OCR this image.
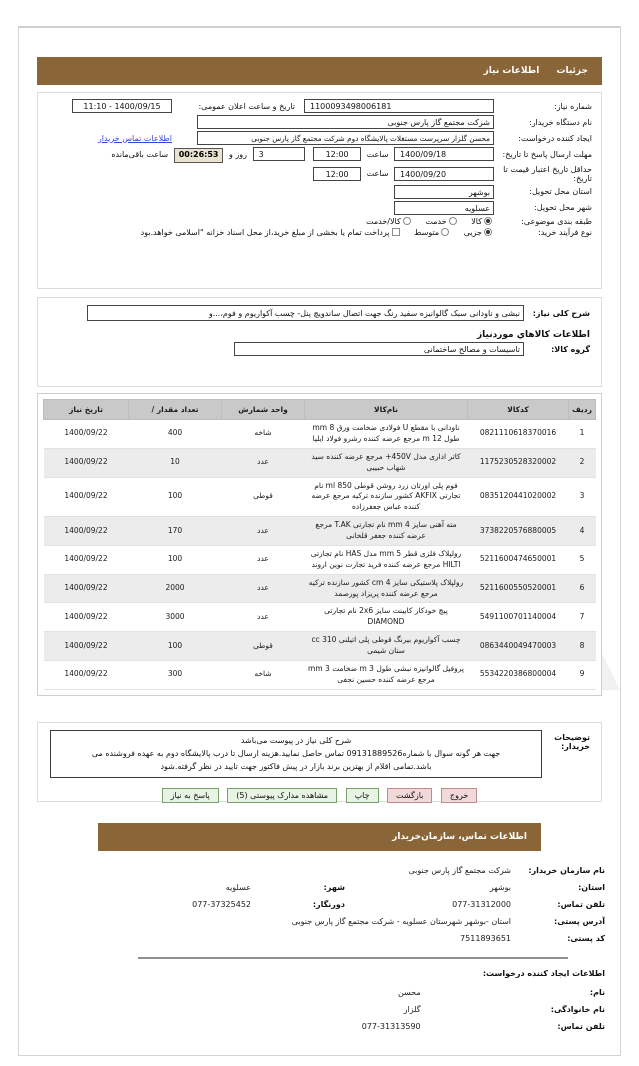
جزئیات اطلاعات نیاز
شماره نیاز:	1100093498006181	تاریخ و ساعت اعلان عمومی:	1400/09/15 - 11:10
نام دستگاه خریدار:	شرکت مجتمع گاز پارس جنوبی		
ایجاد کننده درخواست:	محسن گلزار سرپرست مستغلات پالایشگاه دوم شرکت مجتمع گاز پارس جنوبی		اطلاعات تماس خریدار
مهلت ارسال پاسخ تا تاریخ:	1400/09/18 ساعت 12:00 3 روز و 00:26:53 ساعت باقی‌مانده		
حداقل تاریخ اعتبار قیمت تا تاریخ:	1400/09/20 ساعت 12:00		
استان محل تحویل:	بوشهر		
شهر محل تحویل:	عسلویه		
طبقه بندی موضوعی:	کالا خدمت کالا/خدمت		
نوع فرآیند خرید:	جزیی متوسط پرداخت تمام یا بخشی از مبلغ خرید،از محل اسناد خزانه "اسلامی خواهد.بود		
شرح کلی نیاز:	نبشی و ناودانی سبک گالوانیزه سفید رنگ جهت اتصال ساندویچ پنل- چسب آکواریوم و فوم،...و
اطلاعات کالاهاي موردنیاز	
گروه کالا:	تاسیسات و مصالح ساختمانی
ردیف	کدکالا	نام‌کالا	واحد شمارش	تعداد مقدار /	تاریخ نیاز
1	0821110618370016	ناودانی با مقطع U فولادی ضخامت ورق 8 mm طول 12 m مرجع عرضه کننده رشرو فولاد ایلیا	شاخه	400	1400/09/22
2	1175230528320002	کاتر اداری مدل 450V+ مرجع عرضه کننده سید شهاب حبیبی	عدد	10	1400/09/22
3	0835120441020002	فوم پلی اورتان زرد روشن قوطی 850 ml نام تجارتی AKFIX کشور سازنده ترکیه مرجع عرضه کننده عباس جعفرزاده	قوطی	100	1400/09/22
4	3738220576880005	مته آهنی سایز 4 mm نام تجارتی T.AK مرجع عرضه کننده جعفر قلخانی	عدد	170	1400/09/22
5	5211600474650001	رولپلاک فلزی قطر 5 mm مدل HAS نام تجارتی HILTI مرجع عرضه کننده فرید تجارت نوین اروند	عدد	100	1400/09/22
6	5211600550520001	رولپلاک پلاستیکی سایز 4 cm کشور سازنده ترکیه مرجع عرضه کننده پریزاد پورصمد	عدد	2000	1400/09/22
7	5491100701140004	پیچ خودکار کابینت سایز 2x6 نام تجارتی DIAMOND	عدد	3000	1400/09/22
8	0863440049470003	چسب آکواریوم بیرنگ قوطی پلی اتیلنی 310 cc ستان شیمی	قوطی	100	1400/09/22
9	5534220386800004	پروفیل گالوانیزه نبشی طول 3 m ضخامت 3 mm مرجع عرضه کننده حسین نجفی	شاخه	300	1400/09/22
توضیحات خریدار:	
شرح کلی نیاز در پیوست می‌باشد
جهت هر گونه سوال با شماره09131889526 تماس حاصل نمایید.هزینه ارسال تا درب پالایشگاه دوم به عهده فروشنده می
باشد.تمامی اقلام از بهترین برند بازار در پیش فاکتور جهت تایید در نظر گرفته.شود
خروج بازگشت چاپ مشاهده مدارک پیوستی (5) پاسخ به نیاز
اطلاعات تماس، سازمان‌خریدار
نام سازمان خریدار:	شرکت مجتمع گاز پارس جنوبی		
استان:	بوشهر	شهر:	عسلویه
تلفن تماس:	077-31312000	دورنگار:	077-37325452
آدرس پستی:	استان -بوشهر شهرستان عسلویه - شرکت مجتمع گاز پارس جنوبی		
کد پستی:	7511893651		
اطلاعات ایجاد کننده درخواست:
نام:	محسن
نام خانوادگی:	گلزار
تلفن تماس:	077-31313590
